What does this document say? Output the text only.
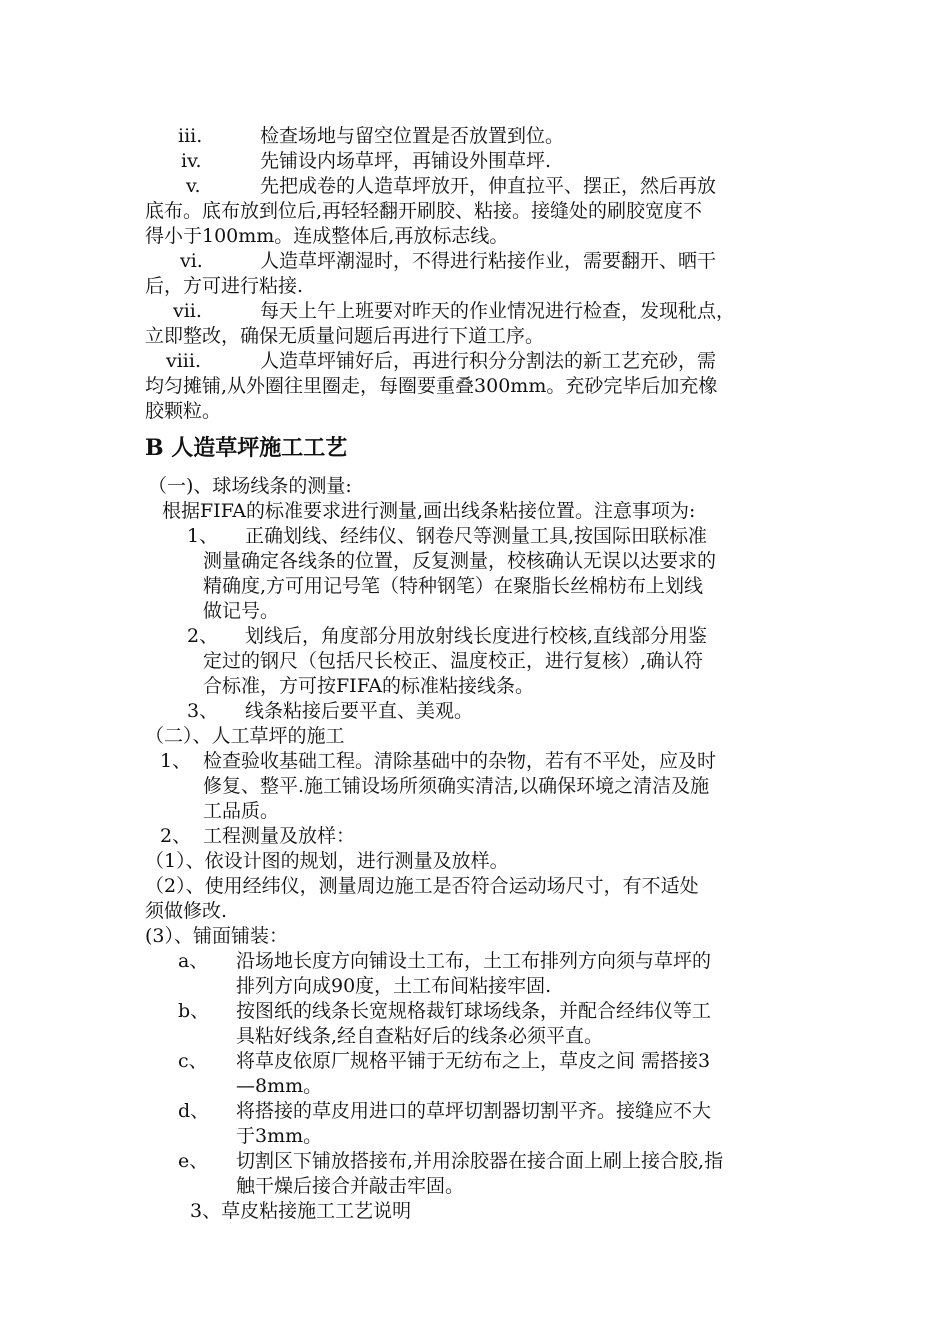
iii.	检查场地与留空位置是否放置到位。
iv.	先铺设内场草坪，再铺设外围草坪.
v.	先把成卷的人造草坪放开，伸直拉平、摆正，然后再放
底布。底布放到位后,再轻轻翻开刷胶、粘接。接缝处的刷胶宽度不
得小于100mm。连成整体后,再放标志线。
vi.	人造草坪潮湿时，不得进行粘接作业，需要翻开、晒干
后，方可进行粘接.
vii.	每天上午上班要对昨天的作业情况进行检查，发现秕点，
立即整改，确保无质量问题后再进行下道工序。
viii.	人造草坪铺好后，再进行积分分割法的新工艺充砂，需
均匀摊铺,从外圈往里圈走，每圈要重叠300mm。充砂完毕后加充橡
胶颗粒。
B 人造草坪施工工艺
（一)、球场线条的测量:
根据FIFA的标准要求进行测量,画出线条粘接位置。注意事项为:
1、 正确划线、经纬仪、钢卷尺等测量工具,按国际田联标准
测量确定各线条的位置，反复测量，校核确认无误以达要求的
精确度,方可用记号笔（特种钢笔）在聚脂长丝棉枋布上划线
做记号。
2、 划线后，角度部分用放射线长度进行校核,直线部分用鉴
定过的钢尺（包括尺长校正、温度校正，进行复核）,确认符
合标准，方可按FIFA的标准粘接线条。
3、 线条粘接后要平直、美观。
（二）、人工草坪的施工
1、 检查验收基础工程。清除基础中的杂物，若有不平处，应及时
修复、整平.施工铺设场所须确实清洁,以确保环境之清洁及施
工品质。
2、 工程测量及放样：
（1）、依设计图的规划，进行测量及放样。
（2）、使用经纬仪，测量周边施工是否符合运动场尺寸，有不适处
须做修改.
(3）、铺面铺装：
a、 沿场地长度方向铺设土工布，土工布排列方向须与草坪的
排列方向成90度，土工布间粘接牢固.
b、 按图纸的线条长宽规格裁钉球场线条，并配合经纬仪等工
具粘好线条,经自查粘好后的线条必须平直。
c、 将草皮依原厂规格平铺于无纺布之上，草皮之间 需搭接3
—8mm。
d、 将搭接的草皮用进口的草坪切割器切割平齐。接缝应不大
于3mm。
e、 切割区下铺放搭接布,并用涂胶器在接合面上刷上接合胶,指
触干燥后接合并敲击牢固。
3、草皮粘接施工工艺说明
